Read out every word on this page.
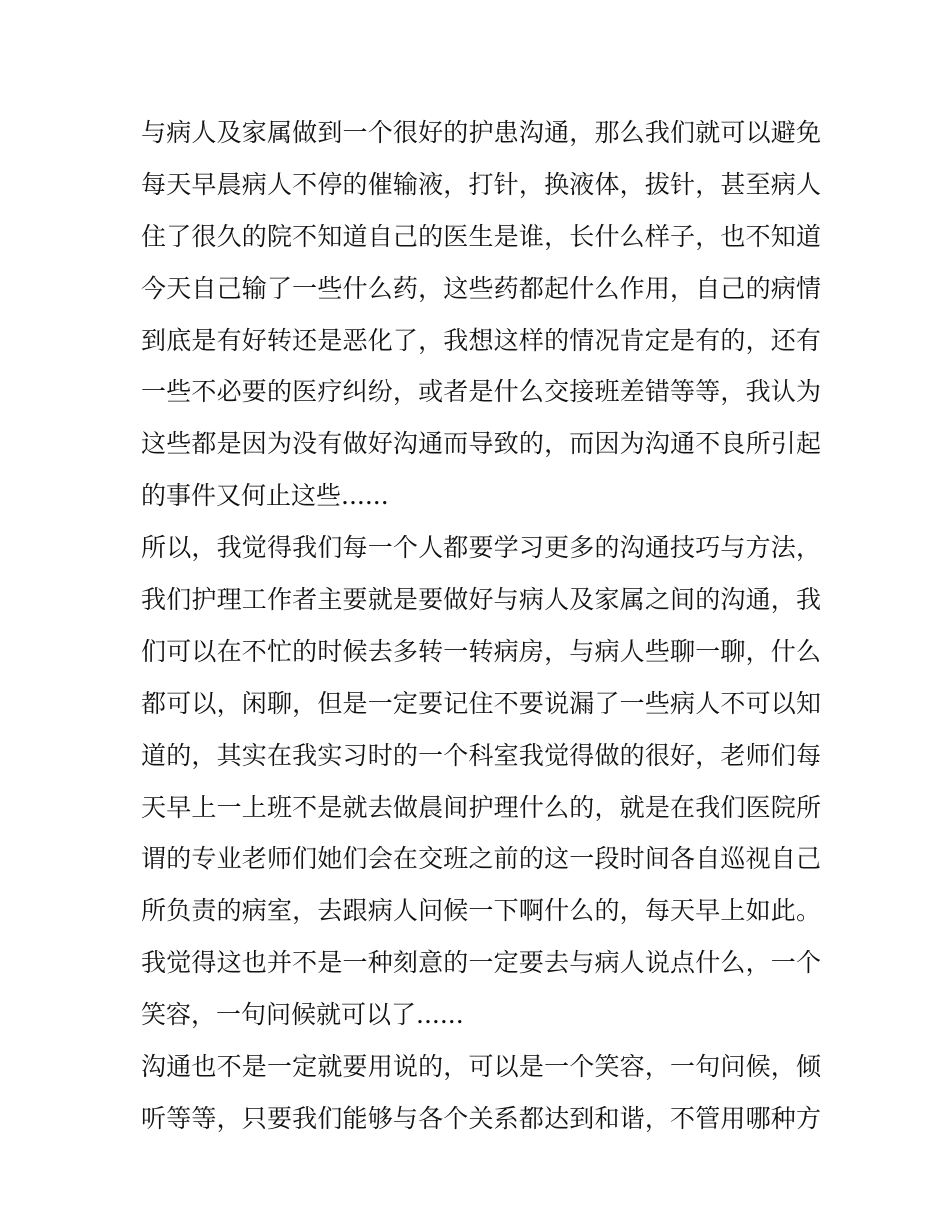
与病人及家属做到一个很好的护患沟通，那么我们就可以避免
每天早晨病人不停的催输液，打针，换液体，拔针，甚至病人
住了很久的院不知道自己的医生是谁，长什么样子，也不知道
今天自己输了一些什么药，这些药都起什么作用，自己的病情
到底是有好转还是恶化了，我想这样的情况肯定是有的，还有
一些不必要的医疗纠纷，或者是什么交接班差错等等，我认为
这些都是因为没有做好沟通而导致的，而因为沟通不良所引起
的事件又何止这些......
所以，我觉得我们每一个人都要学习更多的沟通技巧与方法，
我们护理工作者主要就是要做好与病人及家属之间的沟通，我
们可以在不忙的时候去多转一转病房，与病人些聊一聊，什么
都可以，闲聊，但是一定要记住不要说漏了一些病人不可以知
道的，其实在我实习时的一个科室我觉得做的很好，老师们每
天早上一上班不是就去做晨间护理什么的，就是在我们医院所
谓的专业老师们她们会在交班之前的这一段时间各自巡视自己
所负责的病室，去跟病人问候一下啊什么的，每天早上如此。
我觉得这也并不是一种刻意的一定要去与病人说点什么，一个
笑容，一句问候就可以了......
沟通也不是一定就要用说的，可以是一个笑容，一句问候，倾
听等等，只要我们能够与各个关系都达到和谐，不管用哪种方
